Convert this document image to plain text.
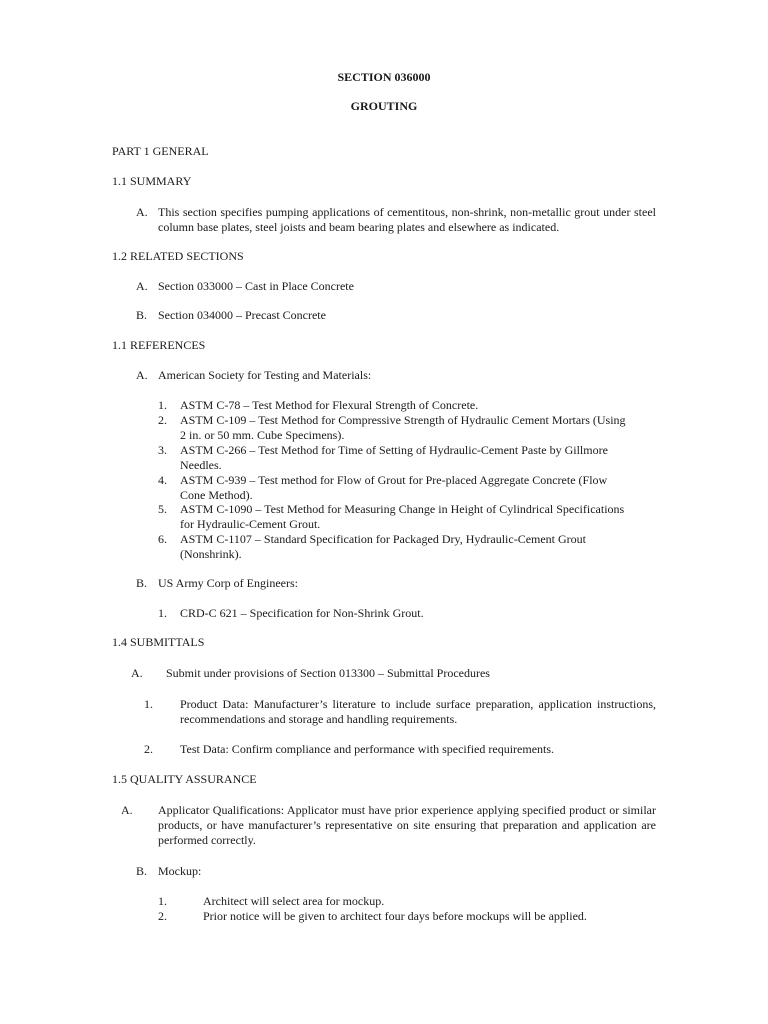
SECTION 036000
GROUTING
PART 1 GENERAL
1.1 SUMMARY
A. This section specifies pumping applications of cementitous, non-shrink, non-metallic grout under steel column base plates, steel joists and beam bearing plates and elsewhere as indicated.
1.2 RELATED SECTIONS
A. Section 033000 – Cast in Place Concrete
B. Section 034000 – Precast Concrete
1.1 REFERENCES
A. American Society for Testing and Materials:
1. ASTM C-78 – Test Method for Flexural Strength of Concrete.
2. ASTM C-109 – Test Method for Compressive Strength of Hydraulic Cement Mortars (Using
2 in. or 50 mm. Cube Specimens).
3. ASTM C-266 – Test Method for Time of Setting of Hydraulic-Cement Paste by Gillmore
Needles.
4. ASTM C-939 – Test method for Flow of Grout for Pre-placed Aggregate Concrete (Flow
Cone Method).
5. ASTM C-1090 – Test Method for Measuring Change in Height of Cylindrical Specifications
for Hydraulic-Cement Grout.
6. ASTM C-1107 – Standard Specification for Packaged Dry, Hydraulic-Cement Grout
(Nonshrink).
B. US Army Corp of Engineers:
1. CRD-C 621 – Specification for Non-Shrink Grout.
1.4 SUBMITTALS
A. Submit under provisions of Section 013300 – Submittal Procedures
1. Product Data: Manufacturer’s literature to include surface preparation, application instructions, recommendations and storage and handling requirements.
2. Test Data: Confirm compliance and performance with specified requirements.
1.5 QUALITY ASSURANCE
A. Applicator Qualifications: Applicator must have prior experience applying specified product or similar products, or have manufacturer’s representative on site ensuring that preparation and application are performed correctly.
B. Mockup:
1.	Architect will select area for mockup.
2.	Prior notice will be given to architect four days before mockups will be applied.
